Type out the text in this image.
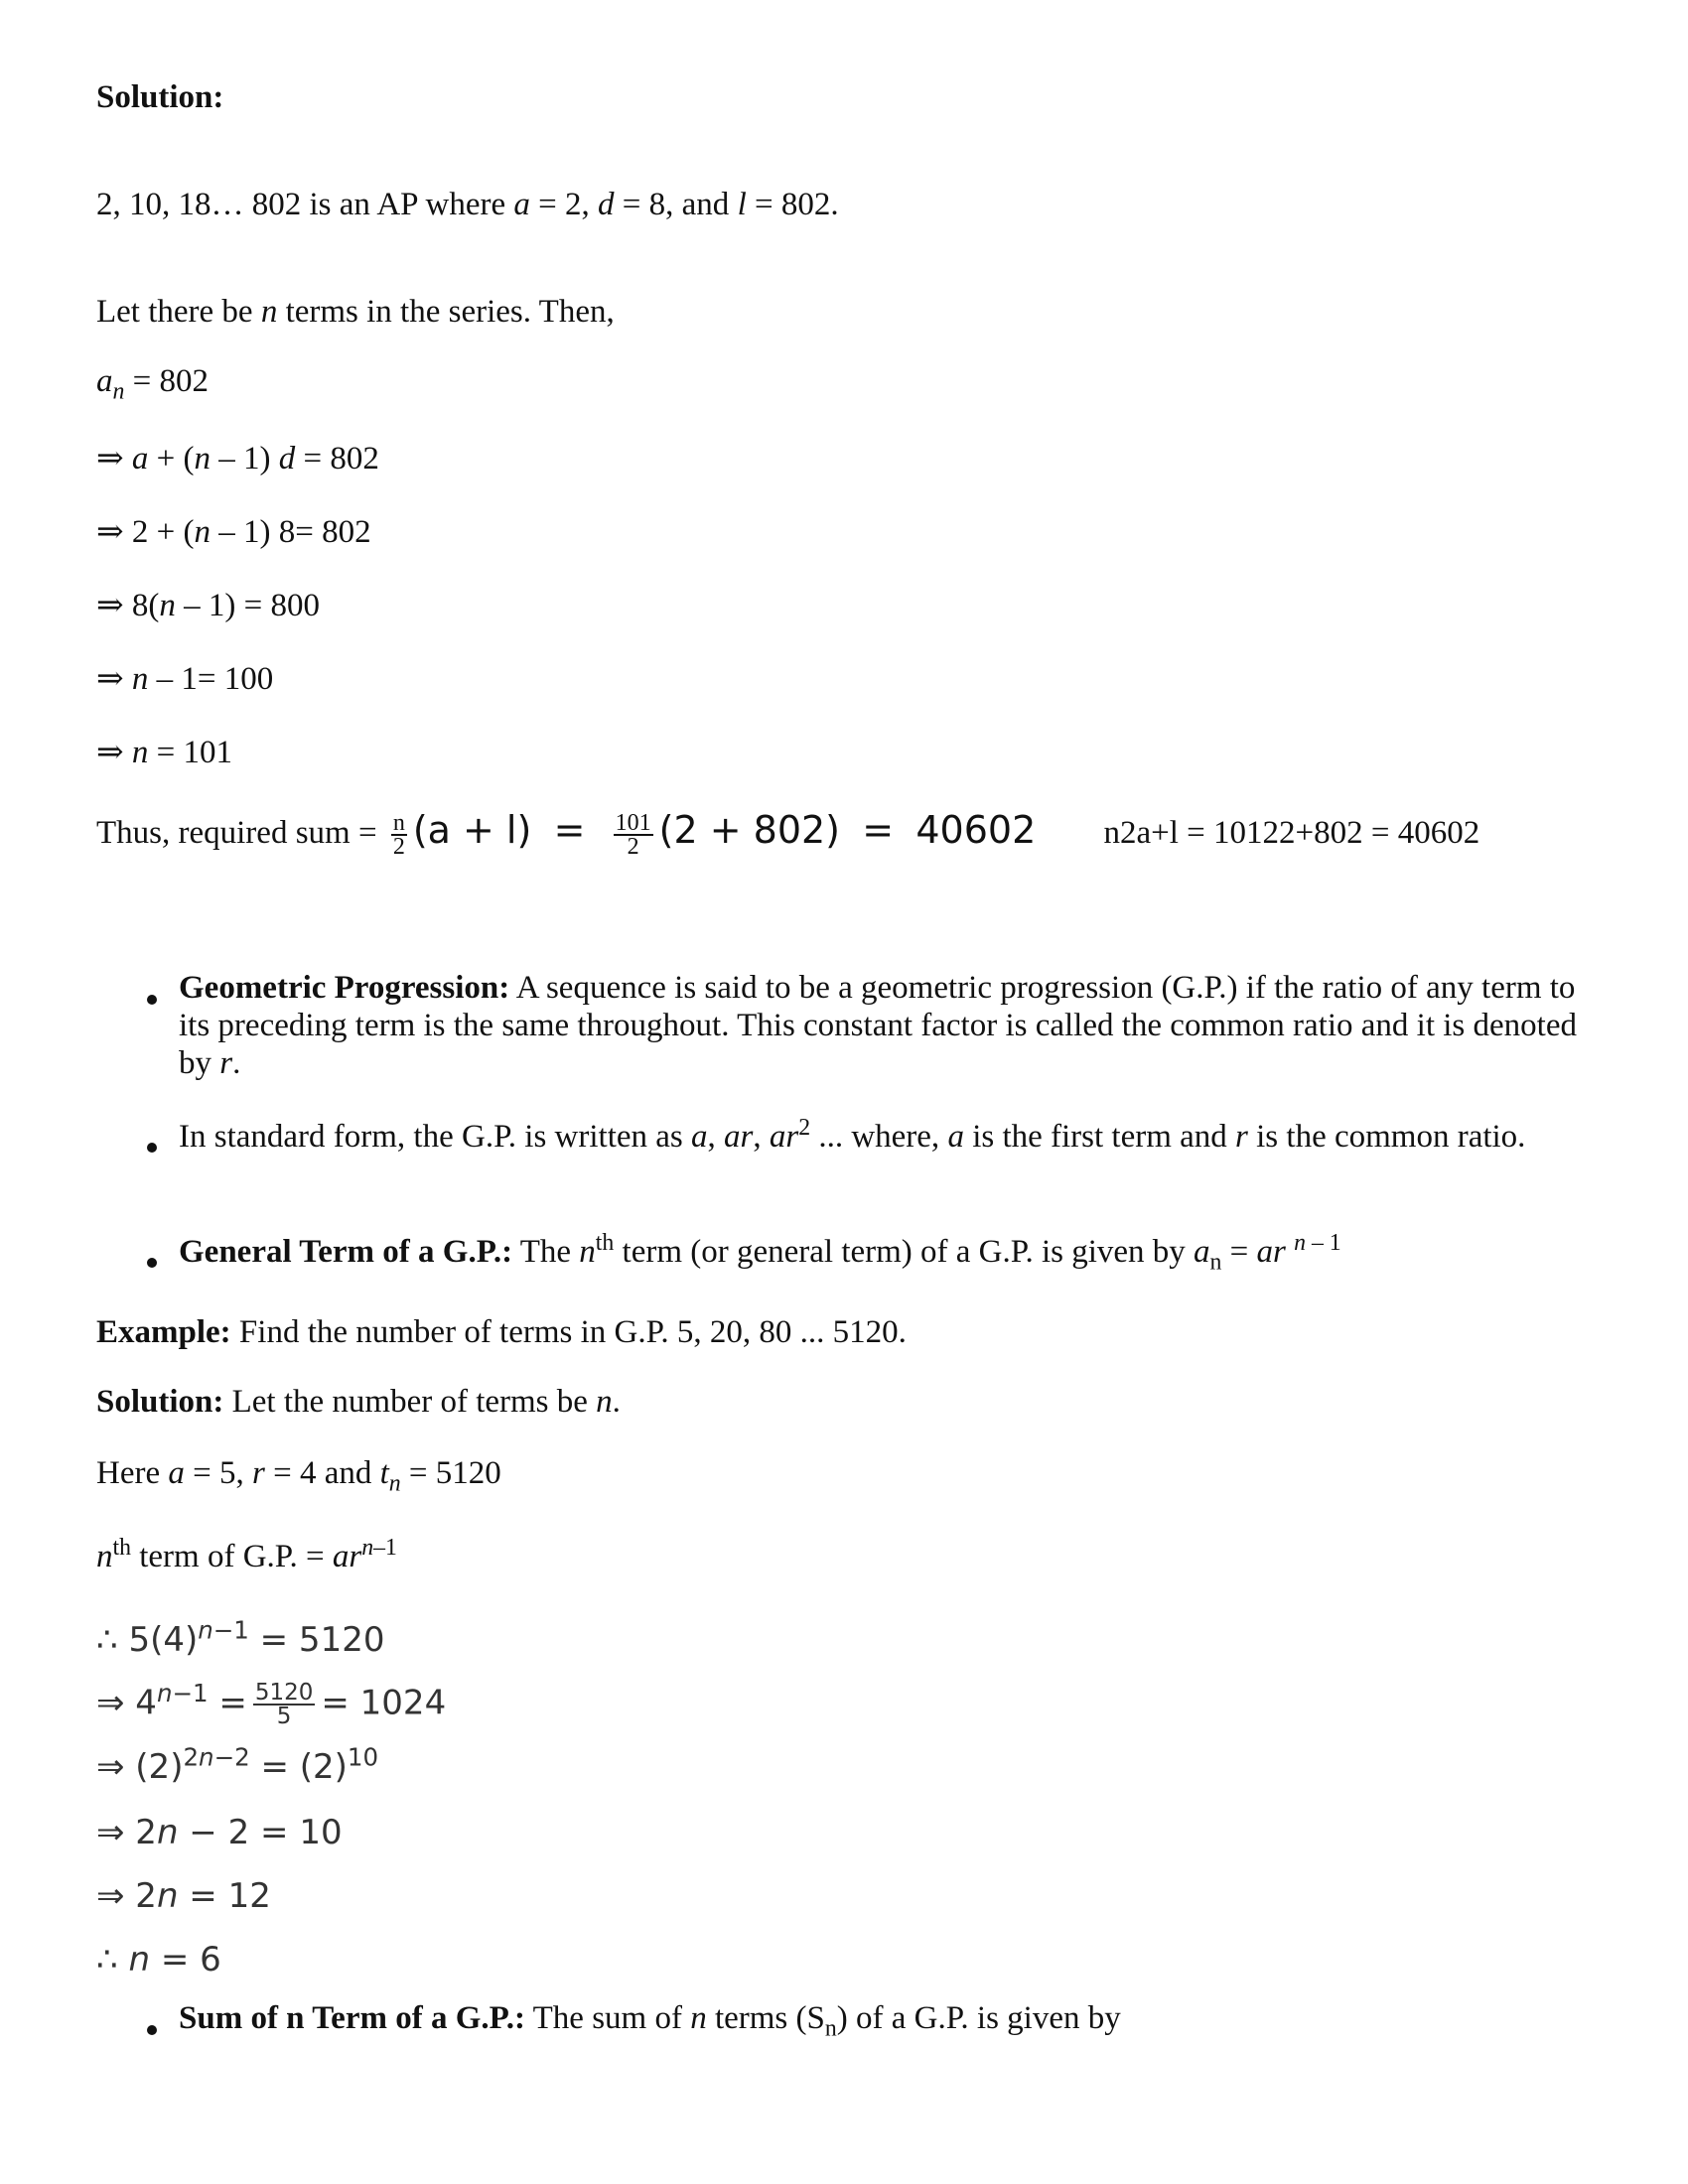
Solution:
2, 10, 18… 802 is an AP where a = 2, d = 8, and l = 802.
Let there be n terms in the series. Then,
$a_n = 802$
⇒ a + (n – 1) d = 802
⇒ 2 + (n – 1) 8= 802
⇒ 8(n – 1) = 800
⇒ n – 1= 100
⇒ n = 101
Thus, required sum = $\frac{n}{2} (a + l) = \frac{101}{2} (2 + 802) = 40602$ n2a+l = 10122+802 = 40602
Geometric Progression: A sequence is said to be a geometric progression (G.P.) if the ratio of any term to its preceding term is the same throughout. This constant factor is called the common ratio and it is denoted by r.
In standard form, the G.P. is written as a, ar, $ar^2$ ... where, a is the first term and r is the common ratio.
General Term of a G.P.: The $n^{th}$ term (or general term) of a G.P. is given by $a_n$ = ar $^{n - 1}$
Example: Find the number of terms in G.P. 5, 20, 80 ... 5120.
Solution: Let the number of terms be n.
Here a = 5, r = 4 and $t_n = 5120$
$n^{th}$ term of G.P. = $ar^{n-1}$
∴ $5(4)^{n-1} = 5120$
⇒ $4^{n-1} = \frac{5120}{5} = 1024$
⇒ $(2)^{2n-2} = (2)^{10}$
⇒ 2n − 2 = 10
⇒ 2n = 12
∴ n = 6
Sum of n Term of a G.P.: The sum of n terms $(S_n)$ of a G.P. is given by
